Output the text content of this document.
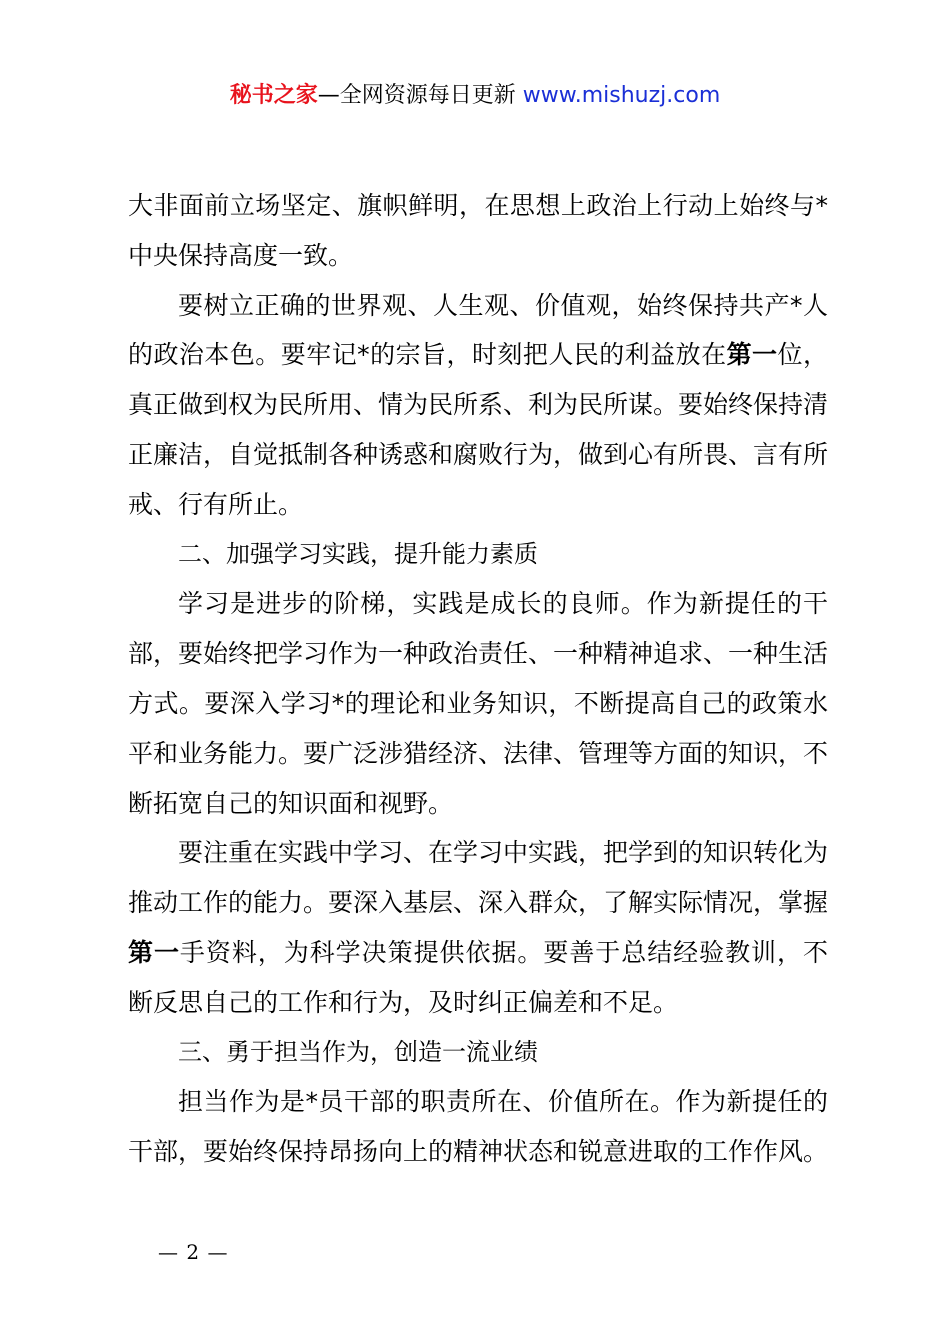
秘书之家—全网资源每日更新 www.mishuzj.com

大非面前立场坚定、旗帜鲜明，在思想上政治上行动上始终与*中央保持高度一致。

要树立正确的世界观、人生观、价值观，始终保持共产*人的政治本色。要牢记*的宗旨，时刻把人民的利益放在第一位，真正做到权为民所用、情为民所系、利为民所谋。要始终保持清正廉洁，自觉抵制各种诱惑和腐败行为，做到心有所畏、言有所戒、行有所止。

二、加强学习实践，提升能力素质

学习是进步的阶梯，实践是成长的良师。作为新提任的干部，要始终把学习作为一种政治责任、一种精神追求、一种生活方式。要深入学习*的理论和业务知识，不断提高自己的政策水平和业务能力。要广泛涉猎经济、法律、管理等方面的知识，不断拓宽自己的知识面和视野。

要注重在实践中学习、在学习中实践，把学到的知识转化为推动工作的能力。要深入基层、深入群众，了解实际情况，掌握第一手资料，为科学决策提供依据。要善于总结经验教训，不断反思自己的工作和行为，及时纠正偏差和不足。

三、勇于担当作为，创造一流业绩

担当作为是*员干部的职责所在、价值所在。作为新提任的干部，要始终保持昂扬向上的精神状态和锐意进取的工作作风。

— 2 —
